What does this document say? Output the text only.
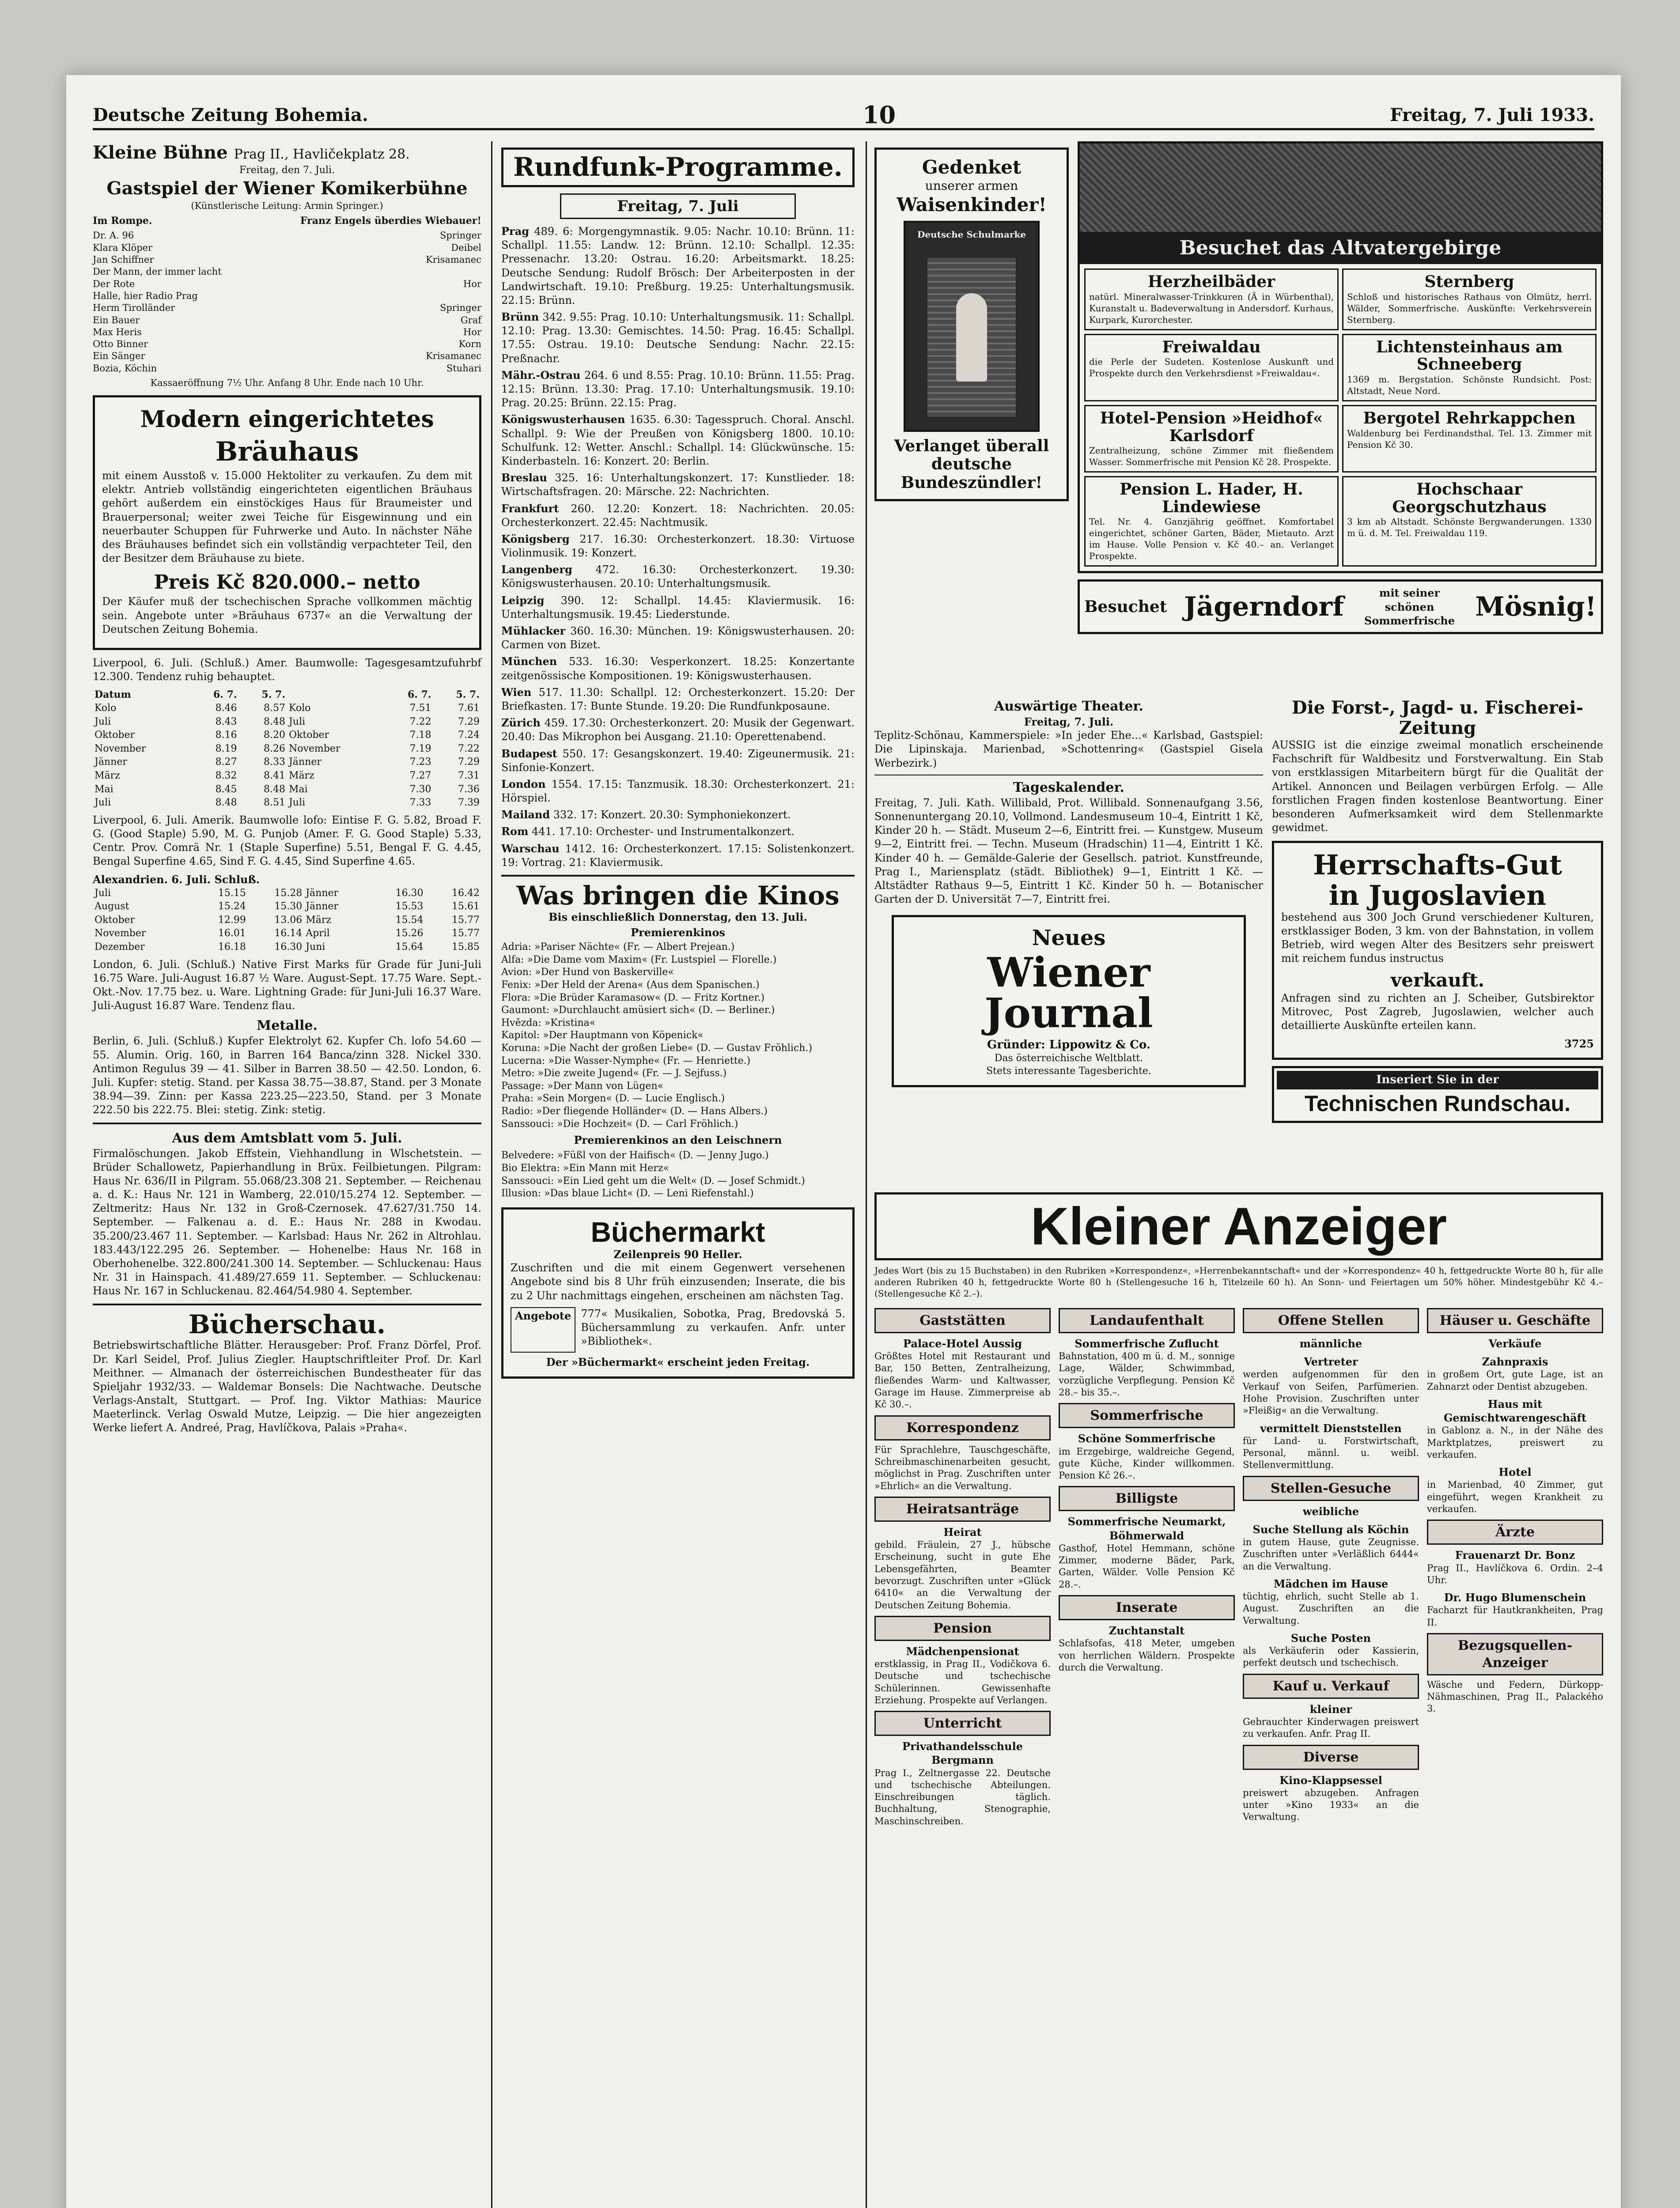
Deutsche Zeitung Bohemia.	10	Freitag, 7. Juli 1933.
Kleine Bühne Prag II., Havličekplatz 28.
Freitag, den 7. Juli.
Gastspiel der Wiener Komikerbühne
(Künstlerische Leitung: Armin Springer.)
Im Rompe.	Franz Engels überdies Wiebauer!
Dr. A. 96	Springer
Klara Klöper	Deibel
Jan Schiffner	Krisamanec
Der Mann, der immer lacht
Der Rote	Hor
Halle, hier Radio Prag
Herm Tirolländer	Springer
Ein Bauer	Graf
Max Heris	Hor
Otto Binner	Korn
Ein Sänger	Krisamanec
Bozia, Köchin	Stuhari
Kassaeröffnung 7½ Uhr. Anfang 8 Uhr. Ende nach 10 Uhr.
Modern eingerichtetes
Bräuhaus

mit einem Ausstoß v. 15.000 Hektoliter zu verkaufen. Zu dem mit elektr. Antrieb vollständig eingerichteten eigentlichen Bräuhaus gehört außerdem ein einstöckiges Haus für Braumeister und Brauerpersonal; weiter zwei Teiche für Eisgewinnung und ein neuerbauter Schuppen für Fuhrwerke und Auto. In nächster Nähe des Bräuhauses befindet sich ein vollständig verpachteter Teil, den der Besitzer dem Bräuhause zu biete.

Preis Kč 820.000.– netto

Der Käufer muß der tschechischen Sprache vollkommen mächtig sein. Angebote unter »Bräuhaus 6737« an die Verwaltung der Deutschen Zeitung Bohemia.

Liverpool, 6. Juli. (Schluß.) Amer. Baumwolle: Tagesgesamtzufuhrbf 12.300. Tendenz ruhig behauptet.

Datum	6. 7.	5. 7.		6. 7.	5. 7.
Kolo	8.46	8.57	Kolo	7.51	7.61
Juli	8.43	8.48	Juli	7.22	7.29
Oktober	8.16	8.20	Oktober	7.18	7.24
November	8.19	8.26	November	7.19	7.22
Jänner	8.27	8.33	Jänner	7.23	7.29
März	8.32	8.41	März	7.27	7.31
Mai	8.45	8.48	Mai	7.30	7.36
Juli	8.48	8.51	Juli	7.33	7.39

Liverpool, 6. Juli. Amerik. Baumwolle lofo: Eintise F. G. 5.82, Broad F. G. (Good Staple) 5.90, M. G. Punjob (Amer. F. G. Good Staple) 5.33, Centr. Prov. Comrä Nr. 1 (Staple Superfine) 5.51, Bengal F. G. 4.45, Bengal Superfine 4.65, Sind F. G. 4.45, Sind Superfine 4.65.

Alexandrien. 6. Juli. Schluß.
Juli	15.15	15.28	Jänner	16.30	16.42
August	15.24	15.30	Jänner	15.53	15.61
Oktober	12.99	13.06	März	15.54	15.77
November	16.01	16.14	April	15.26	15.77
Dezember	16.18	16.30	Juni	15.64	15.85

London, 6. Juli. (Schluß.) Native First Marks für Grade für Juni-Juli 16.75 Ware. Juli-August 16.87 ½ Ware. August-Sept. 17.75 Ware. Sept.-Okt.-Nov. 17.75 bez. u. Ware. Lightning Grade: für Juni-Juli 16.37 Ware. Juli-August 16.87 Ware. Tendenz flau.

Metalle.

Berlin, 6. Juli. (Schluß.) Kupfer Elektrolyt 62. Kupfer Ch. lofo 54.60 — 55. Alumin. Orig. 160, in Barren 164 Banca/zinn 328. Nickel 330. Antimon Regulus 39 — 41. Silber in Barren 38.50 — 42.50. London, 6. Juli. Kupfer: stetig. Stand. per Kassa 38.75—38.87, Stand. per 3 Monate 38.94—39. Zinn: per Kassa 223.25—223.50, Stand. per 3 Monate 222.50 bis 222.75. Blei: stetig. Zink: stetig.

Aus dem Amtsblatt vom 5. Juli.

Firmalöschungen. Jakob Effstein, Viehhandlung in Wlschetstein. — Brüder Schallowetz, Papierhandlung in Brüx. Feilbietungen. Pilgram: Haus Nr. 636/II in Pilgram. 55.068/23.308 21. September. — Reichenau a. d. K.: Haus Nr. 121 in Wamberg, 22.010/15.274 12. September. — Zeltmeritz: Haus Nr. 132 in Groß-Czernosek. 47.627/31.750 14. September. — Falkenau a. d. E.: Haus Nr. 288 in Kwodau. 35.200/23.467 11. September. — Karlsbad: Haus Nr. 262 in Altrohlau. 183.443/122.295 26. September. — Hohenelbe: Haus Nr. 168 in Oberhohenelbe. 322.800/241.300 14. September. — Schluckenau: Haus Nr. 31 in Hainspach. 41.489/27.659 11. September. — Schluckenau: Haus Nr. 167 in Schluckenau. 82.464/54.980 4. September.

Bücherschau.

Betriebswirtschaftliche Blätter. Herausgeber: Prof. Franz Dörfel, Prof. Dr. Karl Seidel, Prof. Julius Ziegler. Hauptschriftleiter Prof. Dr. Karl Meithner. — Almanach der österreichischen Bundestheater für das Spieljahr 1932/33. — Waldemar Bonsels: Die Nachtwache. Deutsche Verlags-Anstalt, Stuttgart. — Prof. Ing. Viktor Mathias: Maurice Maeterlinck. Verlag Oswald Mutze, Leipzig. — Die hier angezeigten Werke liefert A. Andreé, Prag, Havlíčkova, Palais »Praha«.

Rundfunk-Programme.
Freitag, 7. Juli

Prag 489. 6: Morgengymnastik. 9.05: Nachr. 10.10: Brünn. 11: Schallpl. 11.55: Landw. 12: Brünn. 12.10: Schallpl. 12.35: Pressenachr. 13.20: Ostrau. 16.20: Arbeitsmarkt. 18.25: Deutsche Sendung: Rudolf Brösch: Der Arbeiterposten in der Landwirtschaft. 19.10: Preßburg. 19.25: Unterhaltungsmusik. 22.15: Brünn.

Brünn 342. 9.55: Prag. 10.10: Unterhaltungsmusik. 11: Schallpl. 12.10: Prag. 13.30: Gemischtes. 14.50: Prag. 16.45: Schallpl. 17.55: Ostrau. 19.10: Deutsche Sendung: Nachr. 22.15: Preßnachr.

Mähr.-Ostrau 264. 6 und 8.55: Prag. 10.10: Brünn. 11.55: Prag. 12.15: Brünn. 13.30: Prag. 17.10: Unterhaltungsmusik. 19.10: Prag. 20.25: Brünn. 22.15: Prag.

Königswusterhausen 1635. 6.30: Tagesspruch. Choral. Anschl. Schallpl. 9: Wie der Preußen von Königsberg 1800. 10.10: Schulfunk. 12: Wetter. Anschl.: Schallpl. 14: Glückwünsche. 15: Kinderbasteln. 16: Konzert. 20: Berlin.

Breslau 325. 16: Unterhaltungskonzert. 17: Kunstlieder. 18: Wirtschaftsfragen. 20: Märsche. 22: Nachrichten.

Frankfurt 260. 12.20: Konzert. 18: Nachrichten. 20.05: Orchesterkonzert. 22.45: Nachtmusik.

Königsberg 217. 16.30: Orchesterkonzert. 18.30: Virtuose Violinmusik. 19: Konzert.

Langenberg 472. 16.30: Orchesterkonzert. 19.30: Königswusterhausen. 20.10: Unterhaltungsmusik.

Leipzig 390. 12: Schallpl. 14.45: Klaviermusik. 16: Unterhaltungsmusik. 19.45: Liederstunde.

Mühlacker 360. 16.30: München. 19: Königswusterhausen. 20: Carmen von Bizet.

München 533. 16.30: Vesperkonzert. 18.25: Konzertante zeitgenössische Kompositionen. 19: Königswusterhausen.

Wien 517. 11.30: Schallpl. 12: Orchesterkonzert. 15.20: Der Briefkasten. 17: Bunte Stunde. 19.20: Die Rundfunkposaune.

Zürich 459. 17.30: Orchesterkonzert. 20: Musik der Gegenwart. 20.40: Das Mikrophon bei Ausgang. 21.10: Operettenabend.

Budapest 550. 17: Gesangskonzert. 19.40: Zigeunermusik. 21: Sinfonie-Konzert.

London 1554. 17.15: Tanzmusik. 18.30: Orchesterkonzert. 21: Hörspiel.

Mailand 332. 17: Konzert. 20.30: Symphoniekonzert.

Rom 441. 17.10: Orchester- und Instrumentalkonzert.

Warschau 1412. 16: Orchesterkonzert. 17.15: Solistenkonzert. 19: Vortrag. 21: Klaviermusik.

Was bringen die Kinos
Bis einschließlich Donnerstag, den 13. Juli.
Premierenkinos
Adria: »Pariser Nächte« (Fr. — Albert Prejean.)
Alfa: »Die Dame vom Maxim« (Fr. Lustspiel — Florelle.)
Avion: »Der Hund von Baskerville«
Fenix: »Der Held der Arena« (Aus dem Spanischen.)
Flora: »Die Brüder Karamasow« (D. — Fritz Kortner.)
Gaumont: »Durchlaucht amüsiert sich« (D. — Berliner.)
Hvězda: »Kristina«
Kapitol: »Der Hauptmann von Köpenick«
Koruna: »Die Nacht der großen Liebe« (D. — Gustav Fröhlich.)
Lucerna: »Die Wasser-Nymphe« (Fr. — Henriette.)
Metro: »Die zweite Jugend« (Fr. — J. Sejfuss.)
Passage: »Der Mann von Lügen«
Praha: »Sein Morgen« (D. — Lucie Englisch.)
Radio: »Der fliegende Holländer« (D. — Hans Albers.)
Sanssouci: »Die Hochzeit« (D. — Carl Fröhlich.)
Premierenkinos an den Leischnern
Belvedere: »Füßl von der Haifisch« (D. — Jenny Jugo.)
Bio Elektra: »Ein Mann mit Herz«
Sanssouci: »Ein Lied geht um die Welt« (D. — Josef Schmidt.)
Illusion: »Das blaue Licht« (D. — Leni Riefenstahl.)
Büchermarkt
Zeilenpreis 90 Heller.

Zuschriften und die mit einem Gegenwert versehenen Angebote sind bis 8 Uhr früh einzusenden; Inserate, die bis zu 2 Uhr nachmittags eingehen, erscheinen am nächsten Tag.

Angebote 777« Musikalien, Sobotka, Prag, Bredovská 5. Büchersammlung zu verkaufen. Anfr. unter »Bibliothek«.
Der »Büchermarkt« erscheint jeden Freitag.
Gedenket
unserer armen
Waisenkinder!
Deutsche Schulmarke
Verlanget überall deutsche Bundeszündler!
Besuchet das Altvatergebirge
Herzheilbäder
natürl. Mineralwasser-Trinkkuren (Ä in Würbenthal), Kuranstalt u. Badeverwaltung in Andersdorf. Kurhaus, Kurpark, Kurorchester.
Sternberg
Schloß und historisches Rathaus von Olmütz, herrl. Wälder, Sommerfrische. Auskünfte: Verkehrsverein Sternberg.
Freiwaldau
die Perle der Sudeten. Kostenlose Auskunft und Prospekte durch den Verkehrsdienst »Freiwaldau«.
Lichtensteinhaus am Schneeberg
1369 m. Bergstation. Schönste Rundsicht. Post: Altstadt, Neue Nord.
Hotel-Pension »Heidhof« Karlsdorf
Zentralheizung, schöne Zimmer mit fließendem Wasser. Sommerfrische mit Pension Kč 28. Prospekte.
Bergotel Rehrkappchen
Waldenburg bei Ferdinandsthal. Tel. 13. Zimmer mit Pension Kč 30.
Pension L. Hader, H. Lindewiese
Tel. Nr. 4. Ganzjährig geöffnet. Komfortabel eingerichtet, schöner Garten, Bäder, Mietauto. Arzt im Hause. Volle Pension v. Kč 40.– an. Verlanget Prospekte.
Hochschaar Georgschutzhaus
3 km ab Altstadt. Schönste Bergwanderungen. 1330 m ü. d. M. Tel. Freiwaldau 119.
Besuchet Jägerndorf	mit seiner schönen Sommerfrische Mösnig!
Auswärtige Theater.
Freitag, 7. Juli.

Teplitz-Schönau, Kammerspiele: »In jeder Ehe...« Karlsbad, Gastspiel: Die Lipinskaja. Marienbad, »Schottenring« (Gastspiel Gisela Werbezirk.)

Tageskalender.

Freitag, 7. Juli. Kath. Willibald, Prot. Willibald. Sonnenaufgang 3.56, Sonnenuntergang 20.10, Vollmond. Landesmuseum 10–4, Eintritt 1 Kč, Kinder 20 h. — Städt. Museum 2—6, Eintritt frei. — Kunstgew. Museum 9—2, Eintritt frei. — Techn. Museum (Hradschin) 11—4, Eintritt 1 Kč. Kinder 40 h. — Gemälde-Galerie der Gesellsch. patriot. Kunstfreunde, Prag I., Mariensplatz (städt. Bibliothek) 9—1, Eintritt 1 Kč. — Altstädter Rathaus 9—5, Eintritt 1 Kč. Kinder 50 h. — Botanischer Garten der D. Universität 7—7, Eintritt frei.

Neues
Wiener Journal
Gründer: Lippowitz & Co.
Das österreichische Weltblatt.
Stets interessante Tagesberichte.
Die Forst-, Jagd- u. Fischerei-Zeitung

AUSSIG ist die einzige zweimal monatlich erscheinende Fachschrift für Waldbesitz und Forstverwaltung. Ein Stab von erstklassigen Mitarbeitern bürgt für die Qualität der Artikel. Annoncen und Beilagen verbürgen Erfolg. — Alle forstlichen Fragen finden kostenlose Beantwortung. Einer besonderen Aufmerksamkeit wird dem Stellenmarkte gewidmet.

Herrschafts-Gut
in Jugoslavien

bestehend aus 300 Joch Grund verschiedener Kulturen, erstklassiger Boden, 3 km. von der Bahnstation, in vollem Betrieb, wird wegen Alter des Besitzers sehr preiswert mit reichem fundus instructus

verkauft.

Anfragen sind zu richten an J. Scheiber, Gutsbirektor Mitrovec, Post Zagreb, Jugoslawien, welcher auch detaillierte Auskünfte erteilen kann.

3725
Inseriert Sie in der
Technischen Rundschau.
Kleiner Anzeiger

Jedes Wort (bis zu 15 Buchstaben) in den Rubriken »Korrespondenz«, »Herrenbekanntschaft« und der »Korrespondenz« 40 h, fettgedruckte Worte 80 h, für alle anderen Rubriken 40 h, fettgedruckte Worte 80 h (Stellengesuche 16 h, Titelzeile 60 h). An Sonn- und Feiertagen um 50% höher. Mindestgebühr Kč 4.– (Stellengesuche Kč 2.–).

Gaststätten
Palace-Hotel Aussig
Größtes Hotel mit Restaurant und Bar, 150 Betten, Zentralheizung, fließendes Warm- und Kaltwasser, Garage im Hause. Zimmerpreise ab Kč 30.–.
Korrespondenz
Für Sprachlehre, Tauschgeschäfte, Schreibmaschinenarbeiten gesucht, möglichst in Prag. Zuschriften unter »Ehrlich« an die Verwaltung.
Heiratsanträge
Heirat
gebild. Fräulein, 27 J., hübsche Erscheinung, sucht in gute Ehe Lebensgefährten, Beamter bevorzugt. Zuschriften unter »Glück 6410« an die Verwaltung der Deutschen Zeitung Bohemia.
Pension
Mädchenpensionat
erstklassig, in Prag II., Vodičkova 6. Deutsche und tschechische Schülerinnen. Gewissenhafte Erziehung. Prospekte auf Verlangen.
Unterricht
Privathandelsschule Bergmann
Prag I., Zeltnergasse 22. Deutsche und tschechische Abteilungen. Einschreibungen täglich. Buchhaltung, Stenographie, Maschinschreiben.
Landaufenthalt
Sommerfrische Zuflucht
Bahnstation, 400 m ü. d. M., sonnige Lage, Wälder, Schwimmbad, vorzügliche Verpflegung. Pension Kč 28.– bis 35.–.
Sommerfrische
Schöne Sommerfrische
im Erzgebirge, waldreiche Gegend, gute Küche, Kinder willkommen. Pension Kč 26.–.
Billigste
Sommerfrische Neumarkt, Böhmerwald
Gasthof, Hotel Hemmann, schöne Zimmer, moderne Bäder, Park, Garten, Wälder. Volle Pension Kč 28.–.
Inserate
Zuchtanstalt
Schlafsofas, 418 Meter, umgeben von herrlichen Wäldern. Prospekte durch die Verwaltung.
Offene Stellen
männliche
Vertreter
werden aufgenommen für den Verkauf von Seifen, Parfümerien. Hohe Provision. Zuschriften unter »Fleißig« an die Verwaltung.
vermittelt Dienststellen
für Land- u. Forstwirtschaft, Personal, männl. u. weibl. Stellenvermittlung.
Stellen-Gesuche
weibliche
Suche Stellung als Köchin
in gutem Hause, gute Zeugnisse. Zuschriften unter »Verläßlich 6444« an die Verwaltung.
Mädchen im Hause
tüchtig, ehrlich, sucht Stelle ab 1. August. Zuschriften an die Verwaltung.
Suche Posten
als Verkäuferin oder Kassierin, perfekt deutsch und tschechisch.
Kauf u. Verkauf
kleiner
Gebrauchter Kinderwagen preiswert zu verkaufen. Anfr. Prag II.
Diverse
Kino-Klappsessel
preiswert abzugeben. Anfragen unter »Kino 1933« an die Verwaltung.
Häuser u. Geschäfte
Verkäufe
Zahnpraxis
in großem Ort, gute Lage, ist an Zahnarzt oder Dentist abzugeben.
Haus mit Gemischtwarengeschäft
in Gablonz a. N., in der Nähe des Marktplatzes, preiswert zu verkaufen.
Hotel
in Marienbad, 40 Zimmer, gut eingeführt, wegen Krankheit zu verkaufen.
Ärzte
Frauenarzt Dr. Bonz
Prag II., Havlíčkova 6. Ordin. 2–4 Uhr.
Dr. Hugo Blumenschein
Facharzt für Hautkrankheiten, Prag II.
Bezugsquellen-Anzeiger
Wäsche und Federn, Dürkopp-Nähmaschinen, Prag II., Palackého 3.
